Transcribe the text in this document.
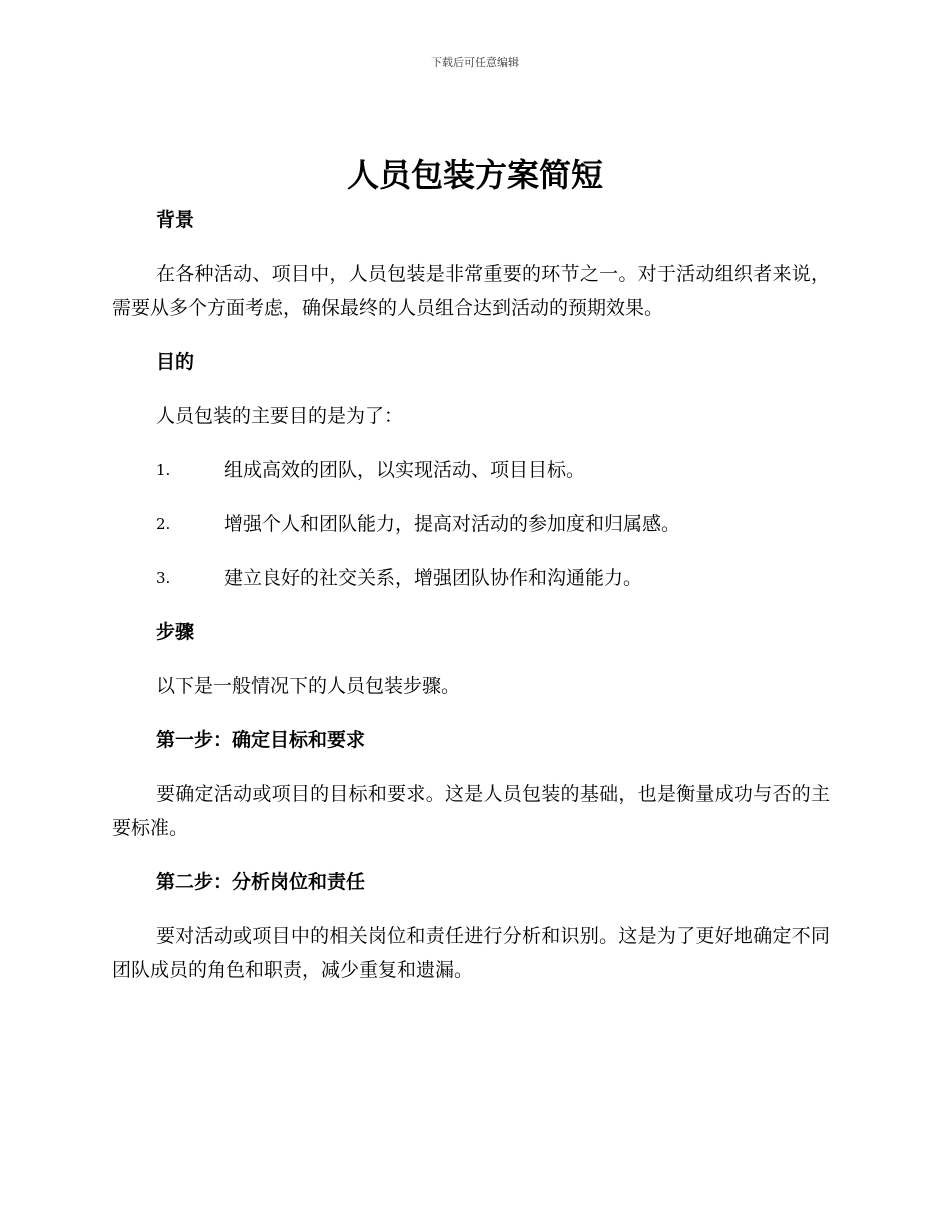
下载后可任意编辑
人员包装方案简短
背景

在各种活动、项目中，人员包装是非常重要的环节之一。对于活动组织者来说，需要从多个方面考虑，确保最终的人员组合达到活动的预期效果。

目的

人员包装的主要目的是为了：

1.	组成高效的团队，以实现活动、项目目标。
2.	增强个人和团队能力，提高对活动的参加度和归属感。
3.	建立良好的社交关系，增强团队协作和沟通能力。
步骤

以下是一般情况下的人员包装步骤。

第一步：确定目标和要求

要确定活动或项目的目标和要求。这是人员包装的基础，也是衡量成功与否的主要标准。

第二步：分析岗位和责任

要对活动或项目中的相关岗位和责任进行分析和识别。这是为了更好地确定不同团队成员的角色和职责，减少重复和遗漏。
